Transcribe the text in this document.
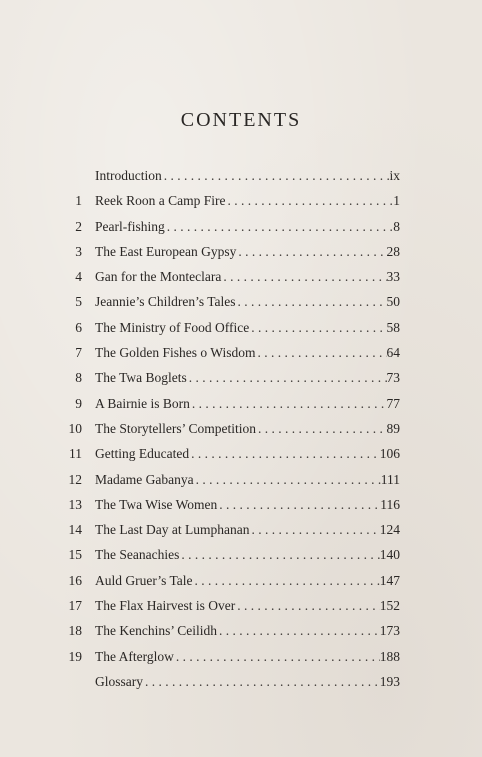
CONTENTS
Introduction . . .	ix
1 Reek Roon a Camp Fire . . .	1
2 Pearl-fishing . . .	8
3 The East European Gypsy . . .	28
4 Gan for the Monteclara . . .	33
5 Jeannie’s Children’s Tales . . .	50
6 The Ministry of Food Office . . .	58
7 The Golden Fishes o Wisdom . . .	64
8 The Twa Boglets . . .	73
9 A Bairnie is Born . . .	77
10 The Storytellers’ Competition . . .	89
11 Getting Educated . . .	106
12 Madame Gabanya . . .	111
13 The Twa Wise Women . . .	116
14 The Last Day at Lumphanan . . .	124
15 The Seanachies . . .	140
16 Auld Gruer’s Tale . . .	147
17 The Flax Hairvest is Over . . .	152
18 The Kenchins’ Ceilidh . . .	173
19 The Afterglow . . .	188
Glossary . . .	193
